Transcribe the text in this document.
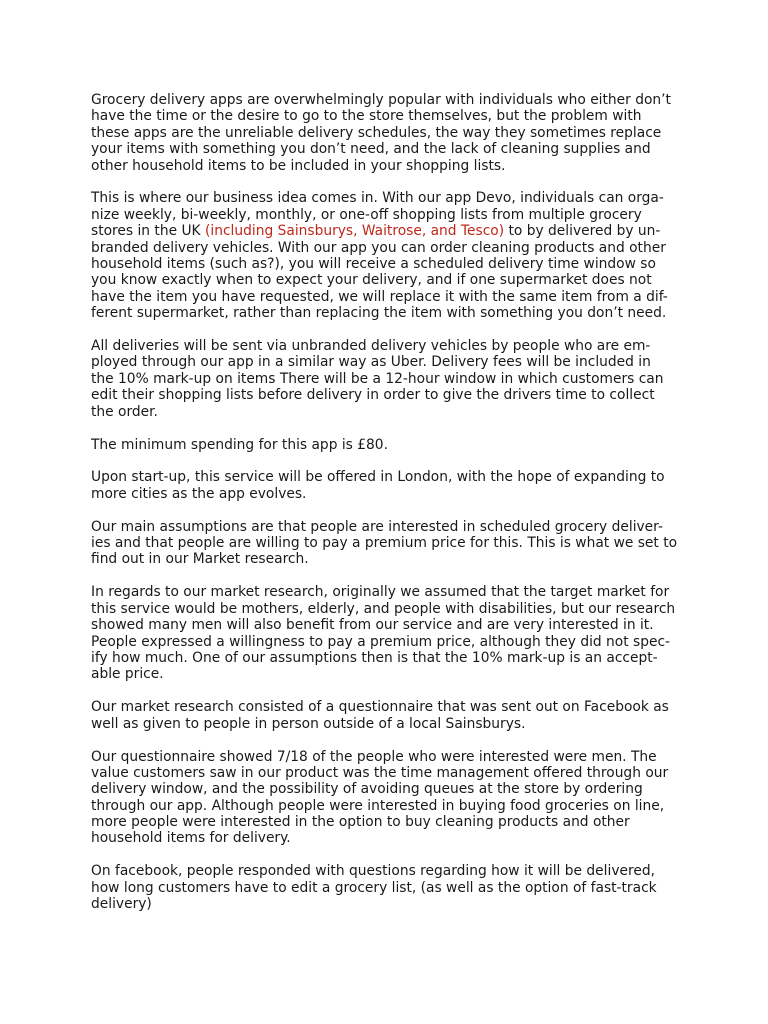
Grocery delivery apps are overwhelmingly popular with individuals who either don’t
have the time or the desire to go to the store themselves, but the problem with
these apps are the unreliable delivery schedules, the way they sometimes replace
your items with something you don’t need, and the lack of cleaning supplies and
other household items to be included in your shopping lists.

This is where our business idea comes in. With our app Devo, individuals can orga-
nize weekly, bi-weekly, monthly, or one-off shopping lists from multiple grocery
stores in the UK (including Sainsburys, Waitrose, and Tesco) to by delivered by un-
branded delivery vehicles. With our app you can order cleaning products and other
household items (such as?), you will receive a scheduled delivery time window so
you know exactly when to expect your delivery, and if one supermarket does not
have the item you have requested, we will replace it with the same item from a dif-
ferent supermarket, rather than replacing the item with something you don’t need.

All deliveries will be sent via unbranded delivery vehicles by people who are em-
ployed through our app in a similar way as Uber. Delivery fees will be included in
the 10% mark-up on items There will be a 12-hour window in which customers can
edit their shopping lists before delivery in order to give the drivers time to collect
the order.

The minimum spending for this app is £80.

Upon start-up, this service will be offered in London, with the hope of expanding to
more cities as the app evolves.

Our main assumptions are that people are interested in scheduled grocery deliver-
ies and that people are willing to pay a premium price for this. This is what we set to
find out in our Market research.

In regards to our market research, originally we assumed that the target market for
this service would be mothers, elderly, and people with disabilities, but our research
showed many men will also benefit from our service and are very interested in it.
People expressed a willingness to pay a premium price, although they did not spec-
ify how much. One of our assumptions then is that the 10% mark-up is an accept-
able price.

Our market research consisted of a questionnaire that was sent out on Facebook as
well as given to people in person outside of a local Sainsburys.

Our questionnaire showed 7/18 of the people who were interested were men. The
value customers saw in our product was the time management offered through our
delivery window, and the possibility of avoiding queues at the store by ordering
through our app. Although people were interested in buying food groceries on line,
more people were interested in the option to buy cleaning products and other
household items for delivery.

On facebook, people responded with questions regarding how it will be delivered,
how long customers have to edit a grocery list, (as well as the option of fast-track
delivery)
